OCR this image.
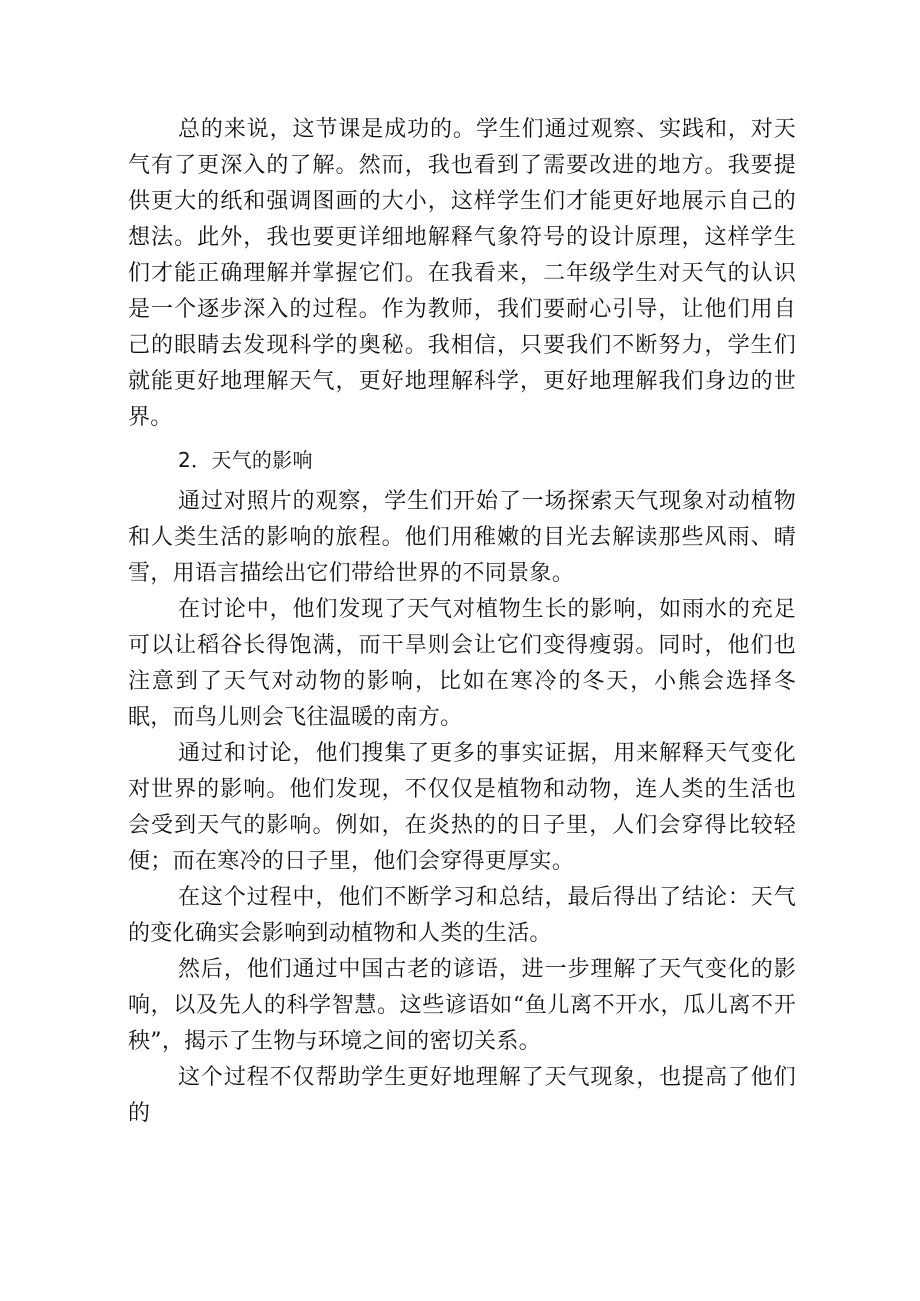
总的来说，这节课是成功的。学生们通过观察、实践和，对天气有了更深入的了解。然而，我也看到了需要改进的地方。我要提供更大的纸和强调图画的大小，这样学生们才能更好地展示自己的想法。此外，我也要更详细地解释气象符号的设计原理，这样学生们才能正确理解并掌握它们。在我看来，二年级学生对天气的认识是一个逐步深入的过程。作为教师，我们要耐心引导，让他们用自己的眼睛去发现科学的奥秘。我相信，只要我们不断努力，学生们就能更好地理解天气，更好地理解科学，更好地理解我们身边的世界。

2．天气的影响

通过对照片的观察，学生们开始了一场探索天气现象对动植物和人类生活的影响的旅程。他们用稚嫩的目光去解读那些风雨、晴雪，用语言描绘出它们带给世界的不同景象。

在讨论中，他们发现了天气对植物生长的影响，如雨水的充足可以让稻谷长得饱满，而干旱则会让它们变得瘦弱。同时，他们也注意到了天气对动物的影响，比如在寒冷的冬天，小熊会选择冬眠，而鸟儿则会飞往温暖的南方。

通过和讨论，他们搜集了更多的事实证据，用来解释天气变化对世界的影响。他们发现，不仅仅是植物和动物，连人类的生活也会受到天气的影响。例如，在炎热的的日子里，人们会穿得比较轻便；而在寒冷的日子里，他们会穿得更厚实。

在这个过程中，他们不断学习和总结，最后得出了结论：天气的变化确实会影响到动植物和人类的生活。

然后，他们通过中国古老的谚语，进一步理解了天气变化的影响，以及先人的科学智慧。这些谚语如“鱼儿离不开水，瓜儿离不开秧”，揭示了生物与环境之间的密切关系。

这个过程不仅帮助学生更好地理解了天气现象，也提高了他们的
